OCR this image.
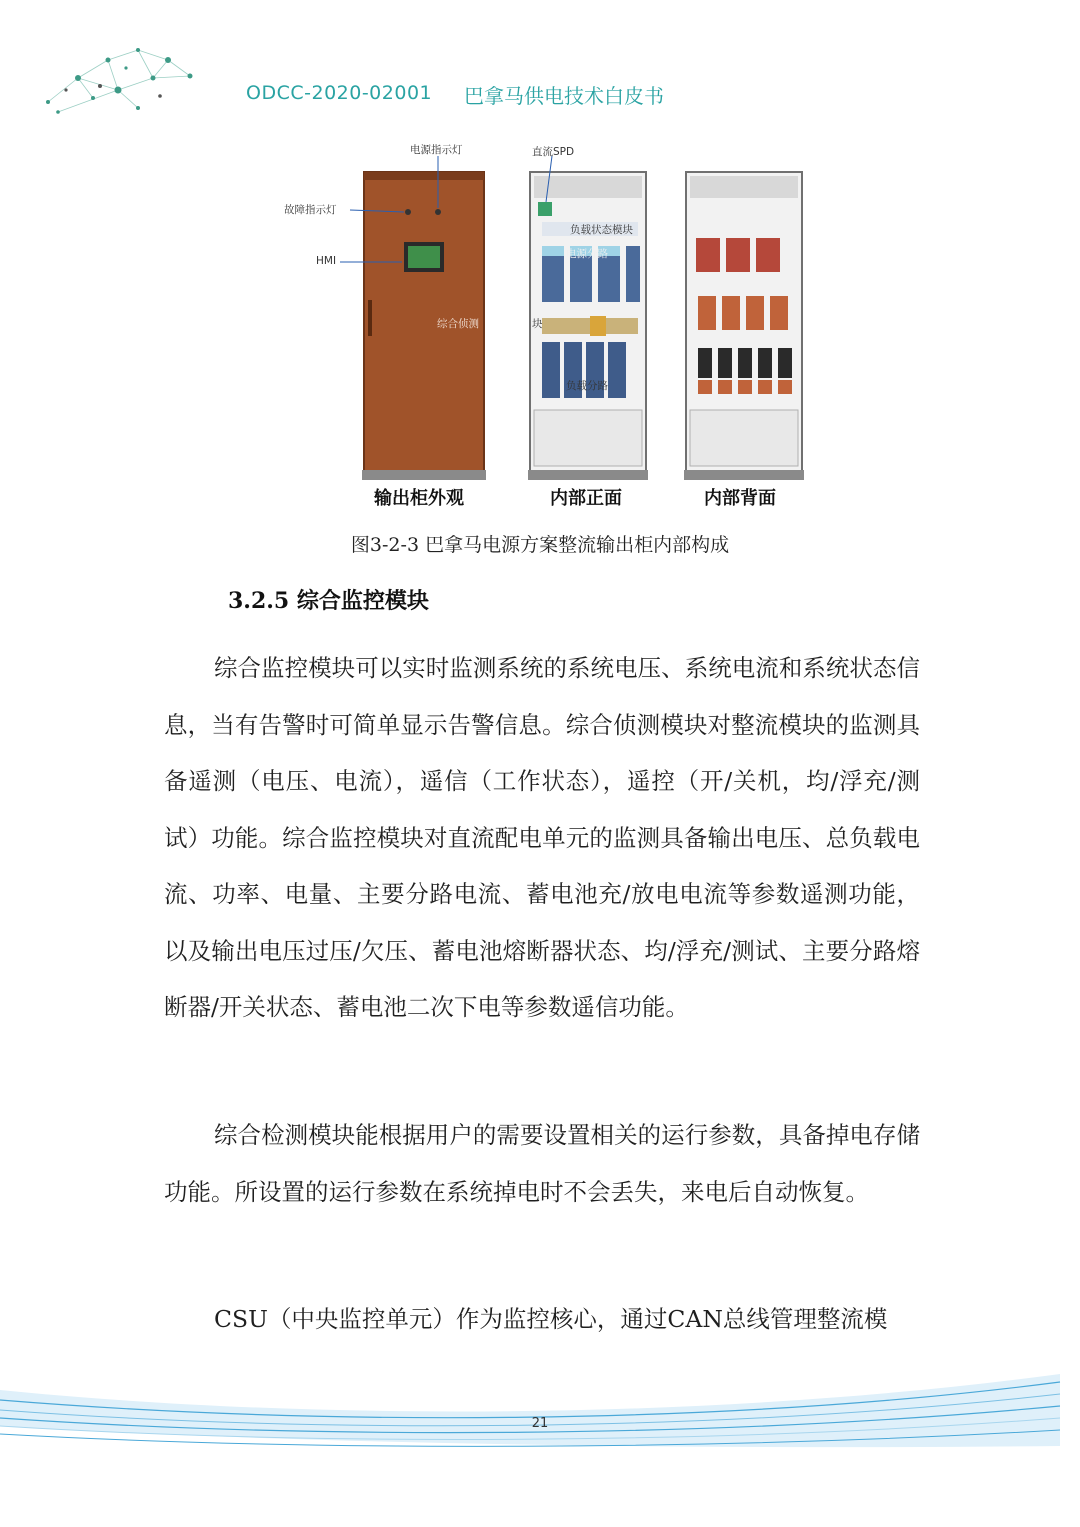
ODCC-2020-02001 巴拿马供电技术白皮书
电源指示灯
故障指示灯
HMI
综合侦测	块
直流SPD
负载状态模块
电源分路
负载分路
输出柜外观	内部正面	内部背面
图3-2-3 巴拿马电源方案整流输出柜内部构成
3.2.5 综合监控模块

综合监控模块可以实时监测系统的系统电压、系统电流和系统状态信息，当有告警时可简单显示告警信息。综合侦测模块对整流模块的监测具备遥测（电压、电流），遥信（工作状态），遥控（开/关机，均/浮充/测试）功能。综合监控模块对直流配电单元的监测具备输出电压、总负载电流、功率、电量、主要分路电流、蓄电池充/放电电流等参数遥测功能，以及输出电压过压/欠压、蓄电池熔断器状态、均/浮充/测试、主要分路熔断器/开关状态、蓄电池二次下电等参数遥信功能。

综合检测模块能根据用户的需要设置相关的运行参数，具备掉电存储功能。所设置的运行参数在系统掉电时不会丢失，来电后自动恢复。

CSU（中央监控单元）作为监控核心，通过CAN总线管理整流模

21
